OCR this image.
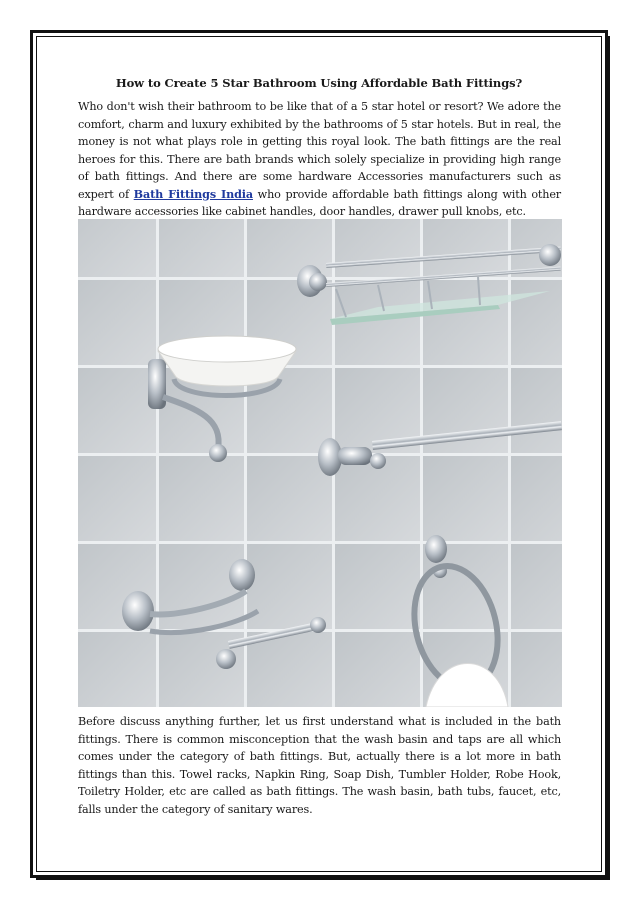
How to Create 5 Star Bathroom Using Affordable Bath Fittings?

Who don't wish their bathroom to be like that of a 5 star hotel or resort? We adore the comfort, charm and luxury exhibited by the bathrooms of 5 star hotels. But in real, the money is not what plays role in getting this royal look. The bath fittings are the real heroes for this. There are bath brands which solely specialize in providing high range of bath fittings. And there are some hardware Accessories manufacturers such as expert of Bath Fittings India who provide affordable bath fittings along with other hardware accessories like cabinet handles, door handles, drawer pull knobs, etc.

Before discuss anything further, let us first understand what is included in the bath fittings. There is common misconception that the wash basin and taps are all which comes under the category of bath fittings. But, actually there is a lot more in bath fittings than this. Towel racks, Napkin Ring, Soap Dish, Tumbler Holder, Robe Hook, Toiletry Holder, etc are called as bath fittings. The wash basin, bath tubs, faucet, etc, falls under the category of sanitary wares.
